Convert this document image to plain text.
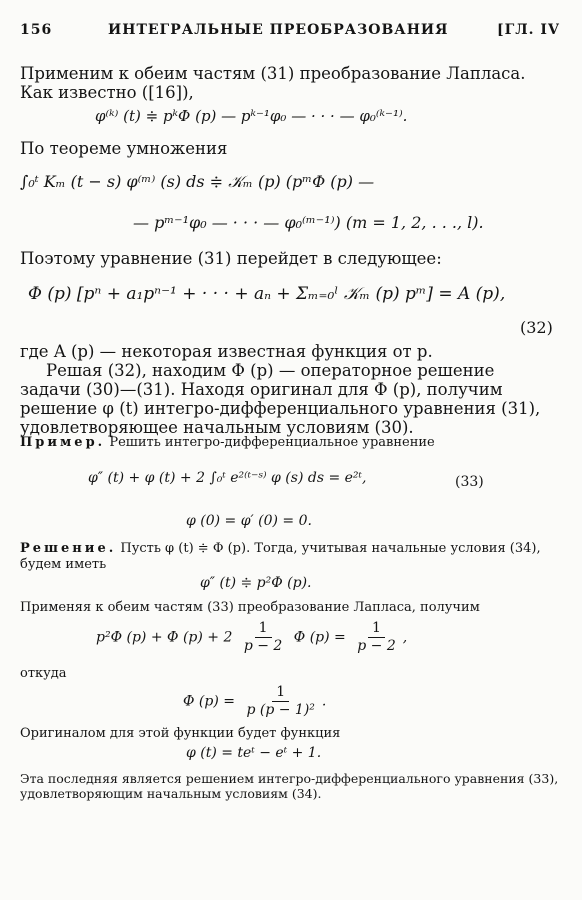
156	ИНТЕГРАЛЬНЫЕ ПРЕОБРАЗОВАНИЯ	[ГЛ. IV
Применим к обеим частям (31) преобразование Лапласа. Как известно ([16]),
φ⁽ᵏ⁾ (t) ≑ pᵏΦ (p) — pᵏ⁻¹φ₀ — · · · — φ₀⁽ᵏ⁻¹⁾.
По теореме умножения
∫₀ᵗ Kₘ (t − s) φ⁽ᵐ⁾ (s) ds ≑ 𝒦ₘ (p) (pᵐΦ (p) —
— pᵐ⁻¹φ₀ — · · · — φ₀⁽ᵐ⁻¹⁾) (m = 1, 2, . . ., l).
Поэтому уравнение (31) перейдет в следующее:
Φ (p) [pⁿ + a₁pⁿ⁻¹ + · · · + aₙ + Σₘ₌₀ˡ 𝒦ₘ (p) pᵐ] = A (p),
(32)
где A (p) — некоторая известная функция от p.
Решая (32), находим Φ (p) — операторное решение задачи (30)—(31). Находя оригинал для Φ (p), получим решение φ (t) интегро-дифференциального уравнения (31), удовлетворяющее начальным условиям (30).
Пример. Решить интегро-дифференциальное уравнение
φ″ (t) + φ (t) + 2 ∫₀ᵗ e²⁽ᵗ⁻ˢ⁾ φ (s) ds = e²ᵗ,	(33)
φ (0) = φ′ (0) = 0.
Решение. Пусть φ (t) ≑ Φ (p). Тогда, учитывая начальные условия (34), будем иметь
φ″ (t) ≑ p²Φ (p).
Применяя к обеим частям (33) преобразование Лапласа, получим
p²Φ (p) + Φ $(p) + 2 \frac{1}{p - 2}$ Φ $(p) = \frac{1}{p - 2}$ ,
откуда
Φ $(p) = \frac{1}{\text{p (p − 1)²}}$ .
Оригиналом для этой функции будет функция
φ (t) = teᵗ − eᵗ + 1.
Эта последняя является решением интегро-дифференциального уравнения (33), удовлетворяющим начальным условиям (34).
